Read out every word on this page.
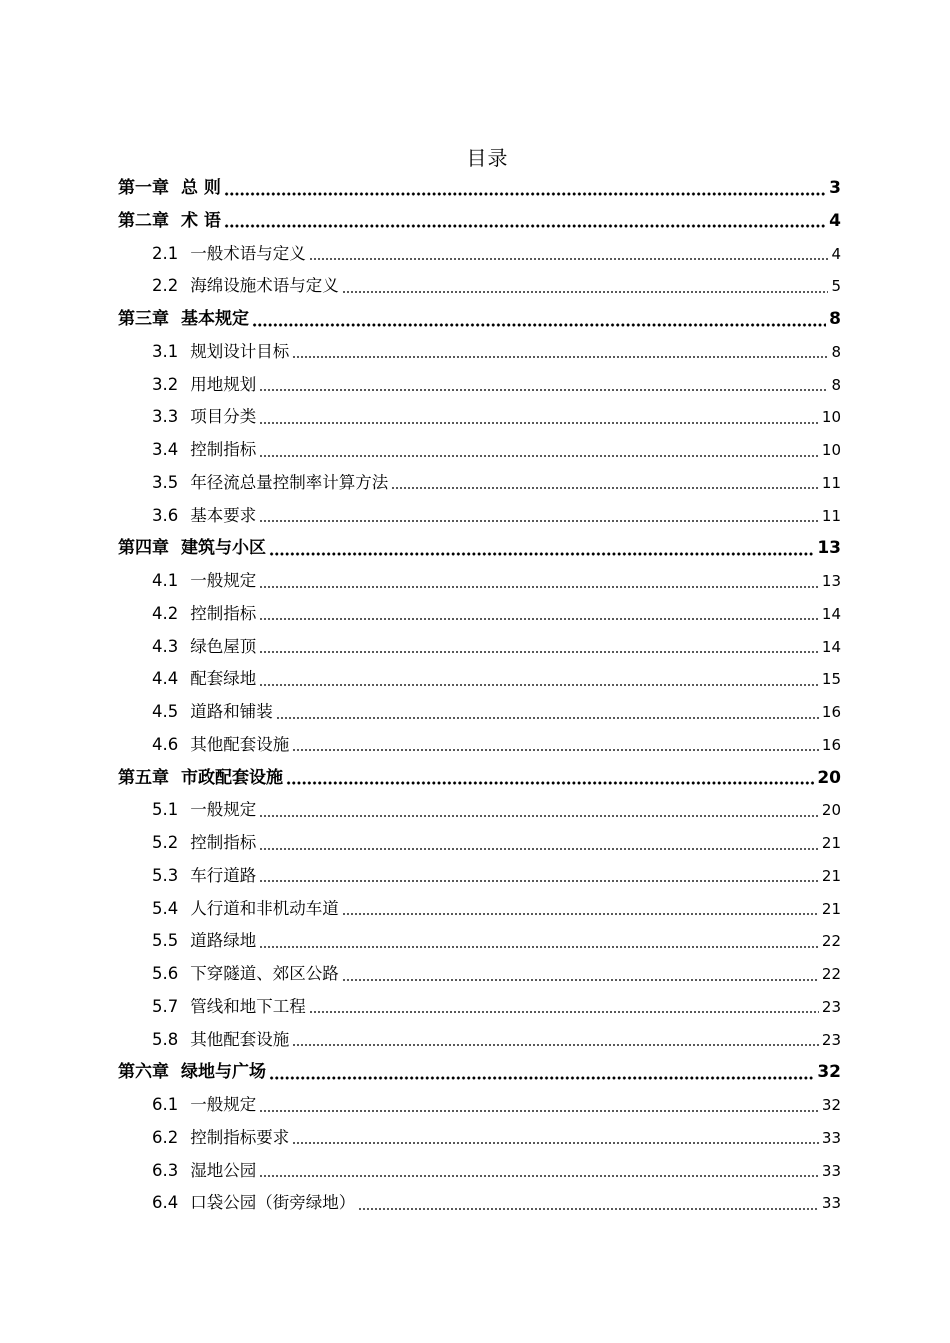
目录
第一章 总 则	3
第二章 术 语	4
2.1 一般术语与定义	4
2.2 海绵设施术语与定义	5
第三章 基本规定	8
3.1 规划设计目标	8
3.2 用地规划	8
3.3 项目分类	10
3.4 控制指标	10
3.5 年径流总量控制率计算方法	11
3.6 基本要求	11
第四章 建筑与小区	13
4.1 一般规定	13
4.2 控制指标	14
4.3 绿色屋顶	14
4.4 配套绿地	15
4.5 道路和铺装	16
4.6 其他配套设施	16
第五章 市政配套设施	20
5.1 一般规定	20
5.2 控制指标	21
5.3 车行道路	21
5.4 人行道和非机动车道	21
5.5 道路绿地	22
5.6 下穿隧道、郊区公路	22
5.7 管线和地下工程	23
5.8 其他配套设施	23
第六章 绿地与广场	32
6.1 一般规定	32
6.2 控制指标要求	33
6.3 湿地公园	33
6.4 口袋公园（街旁绿地）	33
